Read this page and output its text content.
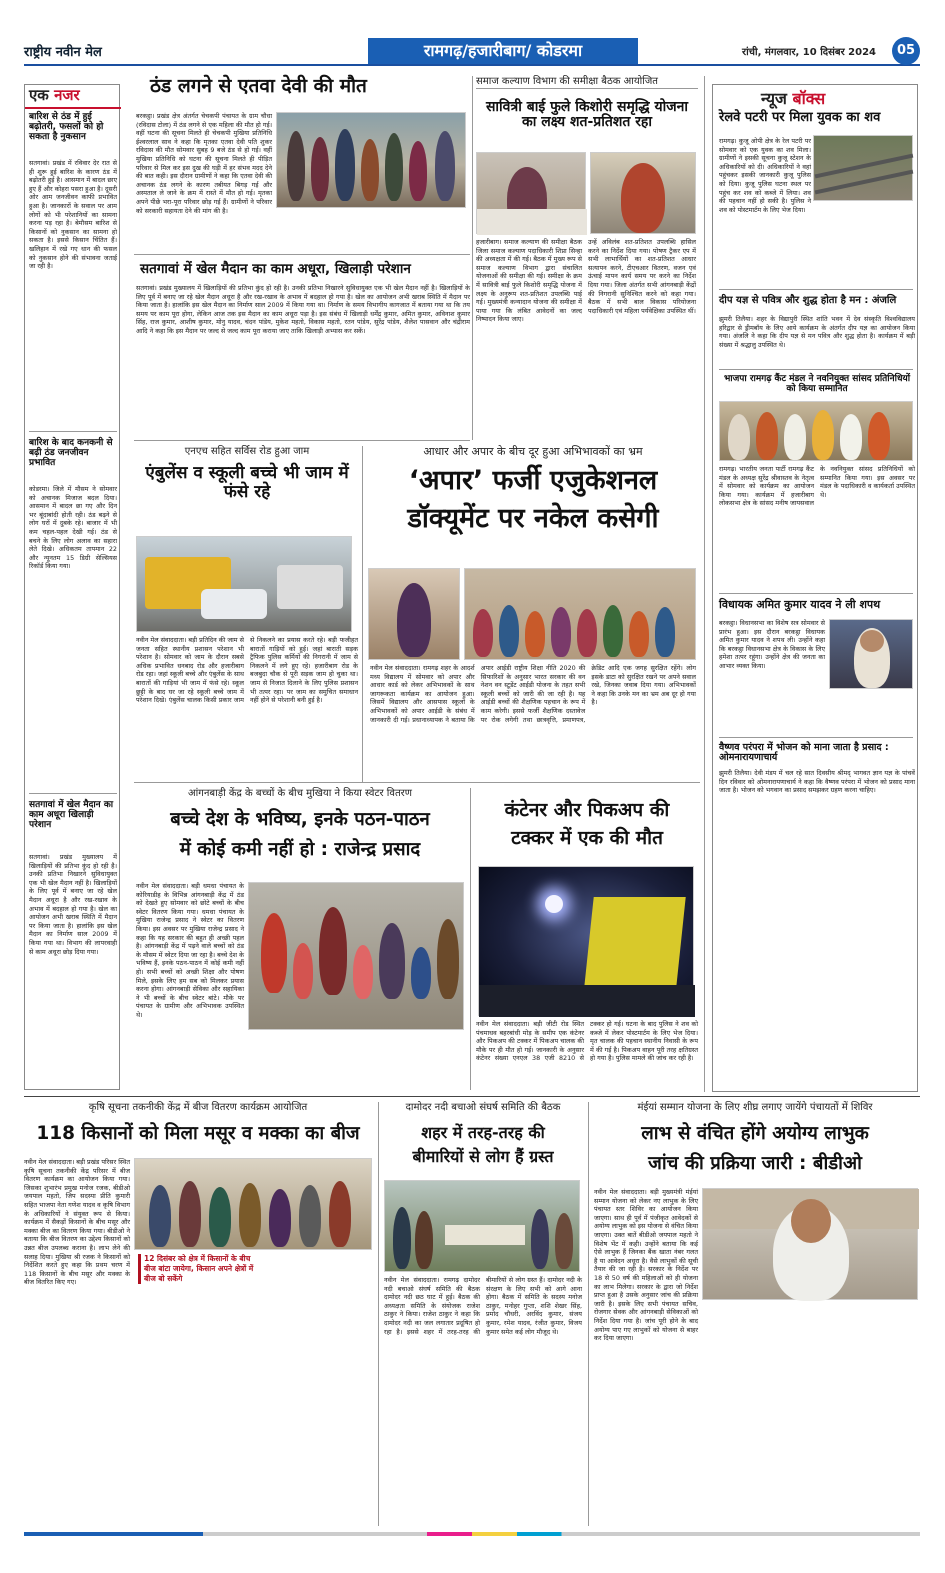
राष्ट्रीय नवीन मेल	रामगढ़/हजारीबाग/ कोडरमा	रांची, मंगलवार, 10 दिसंबर 2024	05
एक नजर
बारिश से ठंड में हुई बढ़ोतरी, फसलों को हो सकता है नुकसान
सतगावां। प्रखंड में रविवार देर रात से ही शुरू हुई बारिश के कारण ठंड में बढ़ोतरी हुई है। आसमान में बादल छाए हुए हैं और कोहरा पसरा हुआ है। दूसरी ओर आम जनजीवन काफी प्रभावित हुआ है। जानकारों के सवाल पर आम लोगों को भी परेशानियों का सामना करना पड़ रहा है। बेमौसम बारिश से किसानों को नुकसान का सामना हो सकता है। इससे किसान चिंतित हैं। खलिहान में रखे गए धान की फसल को नुकसान होने की संभावना जताई जा रही है।
बारिश के बाद कनकनी से बढ़ी ठंड जनजीवन प्रभावित
कोडरमा। जिले में मौसम ने सोमवार को अचानक मिजाज बदल दिया। आसमान में बादल छा गए और दिन भर बूंदाबांदी होती रही। ठंड बढ़ने से लोग घरों में दुबके रहे। बाजार में भी कम चहल-पहल देखी गई। ठंड से बचने के लिए लोग अलाव का सहारा लेते दिखे। अधिकतम तापमान 22 और न्यूनतम 15 डिग्री सेल्सियस रिकॉर्ड किया गया।
सतगावां में खेल मैदान का काम अधूरा खिलाड़ी परेशान
सतगावां। प्रखंड मुख्यालय में खिलाड़ियों की प्रतिभा कुंद हो रही है। उनकी प्रतिभा निखारने सुविधायुक्त एक भी खेल मैदान नहीं है। खिलाड़ियों के लिए पूर्व में बनाए जा रहे खेल मैदान अधूरा है और रख-रखाव के अभाव में बदहाल हो गया है। खेल का आयोजन अभी खराब स्थिति में मैदान पर किया जाता है। हालांकि इस खेल मैदान का निर्माण साल 2009 में किया गया था। विभाग की लापरवाही से काम अधूरा छोड़ दिया गया।
ठंड लगने से एतवा देवी की मौत
बरकट्ठा। प्रखंड क्षेत्र अंतर्गत चेचकपी पंचायत के ग्राम चौधा (रविदास टोला) में ठंड लगने से एक महिला की मौत हो गई। वहीं घटना की सूचना मिलते ही चेचकपी मुखिया प्रतिनिधि ईश्वरलाल साव ने कहा कि मृतका एतवा देवी पति शुकर रविदास की मौत सोमवार सुबह 9 बजे ठंड से हो गई। वहीं मुखिया प्रतिनिधि को घटना की सूचना मिलते ही पीड़ित परिवार से मिल कर इस दुख की घड़ी में हर संभव मदद देने की बात कही। इस दौरान ग्रामीणों ने कहा कि एतवा देवी की अचानक ठंड लगने के कारण तबीयत बिगड़ गई और अस्पताल ले जाने के क्रम में रास्ते में मौत हो गई। मृतका अपने पीछे भरा-पूरा परिवार छोड़ गई हैं। ग्रामीणों ने परिवार को सरकारी सहायता देने की मांग की है।
सतगावां में खेल मैदान का काम अधूरा, खिलाड़ी परेशान
सतगावां। प्रखंड मुख्यालय में खिलाड़ियों की प्रतिभा कुंद हो रही है। उनकी प्रतिभा निखारने सुविधायुक्त एक भी खेल मैदान नहीं है। खिलाड़ियों के लिए पूर्व में बनाए जा रहे खेल मैदान अधूरा है और रख-रखाव के अभाव में बदहाल हो गया है। खेल का आयोजन अभी खराब स्थिति में मैदान पर किया जाता है। हालांकि इस खेल मैदान का निर्माण साल 2009 में किया गया था। निर्माण के समय विभागीय कागजात में बताया गया था कि तय समय पर काम पूरा होगा, लेकिन आज तक इस मैदान का काम अधूरा पड़ा है। इस संबंध में खिलाड़ी धर्मेंद्र कुमार, अमित कुमार, अविनाश कुमार सिंह, राज कुमार, आशीष कुमार, मोनु यादव, चंदन पांडेय, मुकेश महतो, विकास महतो, रतन पांडेय, सुरेंद्र पांडेय, शैलेश पासवान और चंद्रीराम आदि ने कहा कि इस मैदान पर जल्द से जल्द काम पूरा कराया जाए ताकि खिलाड़ी अभ्यास कर सकें।
समाज कल्याण विभाग की समीक्षा बैठक आयोजित
सावित्री बाई फुले किशोरी समृद्धि योजना का लक्ष्य शत-प्रतिशत रहा
हजारीबाग। समाज कल्याण की समीक्षा बैठक जिला समाज कल्याण पदाधिकारी शिप्रा सिन्हा की अध्यक्षता में की गई। बैठक में मुख्य रूप से समाज कल्याण विभाग द्वारा संचालित योजनाओं की समीक्षा की गई। समीक्षा के क्रम में सावित्री बाई फुले किशोरी समृद्धि योजना में लक्ष्य के अनुरूप शत-प्रतिशत उपलब्धि पाई गई। मुख्यमंत्री कन्यादान योजना की समीक्षा में पाया गया कि लंबित आवेदनों का जल्द निष्पादन किया जाए।
उन्हें अविलंब शत-प्रतिशत उपलब्धि हासिल करने का निर्देश दिया गया। पोषण ट्रैकर एप में सभी लाभार्थियों का शत-प्रतिशत आधार सत्यापन करने, टीएचआर वितरण, वजन एवं ऊंचाई मापन कार्य समय पर करने का निर्देश दिया गया। जिला अंतर्गत सभी आंगनबाड़ी केंद्रों की निगरानी सुनिश्चित करने को कहा गया। बैठक में सभी बाल विकास परियोजना पदाधिकारी एवं महिला पर्यवेक्षिका उपस्थित थीं।
एनएच सहित सर्विस रोड हुआ जाम
एंबुलेंस व स्कूली बच्चे भी जाम में फंसे रहे
नवीन मेल संवाददाता। बड़ी प्रतिदिन की जाम से जनता सहित स्थानीय प्रशासन परेशान भी परेशान है। सोमवार को जाम के दौरान सबसे अधिक प्रभावित धनबाद रोड और हजारीबाग रोड रहा। जहां स्कूली बच्चे और एंबुलेंस के साथ बारातों की गाड़ियां भी जाम में फंसे रहे। स्कूल छुट्टी के बाद घर जा रहे स्कूली बच्चे जाम में परेशान दिखे। एंबुलेंस चालक किसी प्रकार जाम से निकलने का प्रयास करते रहे। बड़ी फजीहत बारातों गाड़ियों को हुई। जहां बाराती सड़क ट्रैफिक पुलिस कर्मियों की निगरानी में जाम से निकलने में लगे हुए रहे। हजारीबाग रोड के बजबुदा चौक से पूरी सड़क जाम हो चुका था। जाम से निजात दिलाने के लिए पुलिस प्रशासन भी तत्पर रहा। पर जाम का समुचित समाधान नहीं होने से परेशानी बनी हुई है।
आधार और अपार के बीच दूर हुआ अभिभावकों का भ्रम
‘अपार’ फर्जी एजुकेशनल
डॉक्यूमेंट पर नकेल कसेगी
नवीन मेल संवाददाता। रामगढ़ शहर के आदर्श मध्य विद्यालय में सोमवार को अपार और आधार कार्ड को लेकर अभिभावकों के साथ जागरूकता कार्यक्रम का आयोजन हुआ। जिसमें विद्यालय और आसपास स्कूलों के अभिभावकों को अपार आईडी के संबंध में जानकारी दी गई। प्रधानाध्यापक ने बताया कि अपार आईडी राष्ट्रीय शिक्षा नीति 2020 की सिफारिशों के अनुसार भारत सरकार की वन नेशन वन स्टूडेंट आईडी योजना के तहत सभी स्कूली बच्चों को जारी की जा रही है। यह आईडी बच्चों की शैक्षणिक पहचान के रूप में काम करेगी। इससे फर्जी शैक्षणिक दस्तावेज पर रोक लगेगी तथा छात्रवृत्ति, प्रमाणपत्र, क्रेडिट आदि एक जगह सुरक्षित रहेंगे। लोग इसके डाटा को सुरक्षित रखने पर अपने सवाल रखे, जिनका जवाब दिया गया। अभिभावकों ने कहा कि उनके मन का भ्रम अब दूर हो गया है।
आंगनबाड़ी केंद्र के बच्चों के बीच मुखिया ने किया स्वेटर वितरण
बच्चे देश के भविष्य, इनके पठन-पाठन
में कोई कमी नहीं हो : राजेन्द्र प्रसाद
नवीन मेल संवाददाता। बड़ी धमधा पंचायत के कोरियाडीह के विभिन्न आंगनबाड़ी केंद्र में ठंड को देखते हुए सोमवार को छोटे बच्चों के बीच स्वेटर वितरण किया गया। धमधा पंचायत के मुखिया राजेन्द्र प्रसाद ने स्वेटर का वितरण किया। इस अवसर पर मुखिया राजेन्द्र प्रसाद ने कहा कि यह सरकार की बहुत ही अच्छी पहल है। आंगनबाड़ी केंद्र में पढ़ने वाले बच्चों को ठंड के मौसम में स्वेटर दिया जा रहा है। बच्चे देश के भविष्य हैं, इनके पठन-पाठन में कोई कमी नहीं हो। सभी बच्चों को अच्छी शिक्षा और पोषण मिले, इसके लिए हम सब को मिलकर प्रयास करना होगा। आंगनबाड़ी सेविका और सहायिका ने भी बच्चों के बीच स्वेटर बांटे। मौके पर पंचायत के ग्रामीण और अभिभावक उपस्थित थे।
कंटेनर और पिकअप की
टक्कर में एक की मौत
नवीन मेल संवाददाता। बड़ी जीटी रोड स्थित पंचमाधव बहरबांधी मोड़ के समीप एक कंटेनर और पिकअप की टक्कर में पिकअप चालक की मौके पर ही मौत हो गई। जानकारी के अनुसार कंटेनर संख्या एनएल 38 एजी 8210 से टक्कर हो गई। घटना के बाद पुलिस ने शव को कब्जे में लेकर पोस्टमार्टम के लिए भेज दिया। मृत चालक की पहचान स्थानीय निवासी के रूप में की गई है। पिकअप वाहन पूरी तरह क्षतिग्रस्त हो गया है। पुलिस मामले की जांच कर रही है।
न्यूज बॉक्स
रेलवे पटरी पर मिला युवक का शव
रामगढ़। कुजू ओपी क्षेत्र के रेल पटरी पर सोमवार को एक युवक का शव मिला। ग्रामीणों ने इसकी सूचना कुजू स्टेशन के अधिकारियों को दी। अधिकारियों ने वहां पहुंचकर इसकी जानकारी कुजू पुलिस को दिया। कुजू पुलिस घटना स्थल पर पहुंच कर शव को कब्जे में लिया। शव की पहचान नहीं हो सकी है। पुलिस ने शव को पोस्टमार्टम के लिए भेज दिया।
दीप यज्ञ से पवित्र और शुद्ध होता है मन : अंजलि
झुमरी तिलैया। शहर के विद्यापुरी स्थित शांति भवन में देव संस्कृति विश्वविद्यालय हरिद्वार से ड्रीमबॉय के लिए आये कार्यक्रम के अंतर्गत दीप यज्ञ का आयोजन किया गया। अंजलि ने कहा कि दीप यज्ञ से मन पवित्र और शुद्ध होता है। कार्यक्रम में बड़ी संख्या में श्रद्धालु उपस्थित थे।
भाजपा रामगढ़ कैंट मंडल ने नवनियुक्त सांसद प्रतिनिधियों को किया सम्मानित
रामगढ़। भारतीय जनता पार्टी रामगढ़ कैंट मंडल के अध्यक्ष सुरेंद्र श्रीवास्तव के नेतृत्व में सोमवार को कार्यक्रम का आयोजन किया गया। कार्यक्रम में हजारीबाग लोकसभा क्षेत्र के सांसद मनीष जायसवाल के नवनियुक्त सांसद प्रतिनिधियों को सम्मानित किया गया। इस अवसर पर मंडल के पदाधिकारी व कार्यकर्ता उपस्थित थे।
विधायक अमित कुमार यादव ने ली शपथ
बरकट्ठा। विधानसभा का विशेष सत्र सोमवार से प्रारंभ हुआ। इस दौरान बरकट्ठा विधायक अमित कुमार यादव ने शपथ ली। उन्होंने कहा कि बरकट्ठा विधानसभा क्षेत्र के विकास के लिए हमेशा तत्पर रहूंगा। उन्होंने क्षेत्र की जनता का आभार व्यक्त किया।
वैष्णव परंपरा में भोजन को माना जाता है प्रसाद : ओमनारायणाचार्य
झुमरी तिलैया। देवी मंडप में चल रहे सात दिवसीय श्रीमद् भागवत ज्ञान यज्ञ के पांचवें दिन रविवार को ओमनारायणाचार्य ने कहा कि वैष्णव परंपरा में भोजन को प्रसाद माना जाता है। भोजन को भगवान का प्रसाद समझकर ग्रहण करना चाहिए।
कृषि सूचना तकनीकी केंद्र में बीज वितरण कार्यक्रम आयोजित
118 किसानों को मिला मसूर व मक्का का बीज
12 दिसंबर को क्षेत्र में किसानों के बीच बीज बांटा जायेगा, किसान अपने क्षेत्रों में बीज बो सकेंगे
नवीन मेल संवाददाता। बड़ी प्रखंड परिसर स्थित कृषि सूचना तकनीकी केंद्र परिसर में बीज वितरण कार्यक्रम का आयोजन किया गया। जिसका शुभारंभ प्रमुख मनोज रजक, बीडीओ जयपाल महतो, जिप सदस्या प्रीति कुमारी सहित भाजपा नेता गणेश यादव व कृषि विभाग के अधिकारियों ने संयुक्त रूप से किया। कार्यक्रम में सैकड़ों किसानों के बीच मसूर और मक्का बीज का वितरण किया गया। बीडीओ ने बताया कि बीज वितरण का उद्देश्य किसानों को उन्नत बीज उपलब्ध कराना है। लाभ लेने की सलाह दिया। मुखिया श्री रजक ने किसानों को निर्देशित करते हुए कहा कि प्रथम चरण में 118 किसानों के बीच मसूर और मक्का के बीज वितरित किए गए।
दामोदर नदी बचाओ संघर्ष समिति की बैठक
शहर में तरह-तरह की
बीमारियों से लोग हैं ग्रस्त
नवीन मेल संवाददाता। रामगढ़ दामोदर नदी बचाओ संघर्ष समिति की बैठक दामोदर नदी छठ घाट में हुई। बैठक की अध्यक्षता समिति के संयोजक राजेश ठाकुर ने किया। राजेश ठाकुर ने कहा कि दामोदर नदी का जल लगातार प्रदूषित हो रहा है। इससे शहर में तरह-तरह की बीमारियों से लोग ग्रस्त हैं। दामोदर नदी के संरक्षण के लिए सभी को आगे आना होगा। बैठक में समिति के सदस्य मनोज ठाकुर, मनोहर गुप्ता, शशि शेखर सिंह, प्रमोद चौधरी, अरविंद कुमार, संजय कुमार, रमेश यादव, रंजीत कुमार, विजय कुमार समेत कई लोग मौजूद थे।
मंईयां सम्मान योजना के लिए शीघ्र लगाए जायेंगे पंचायतों में शिविर
लाभ से वंचित होंगे अयोग्य लाभुक
जांच की प्रक्रिया जारी : बीडीओ
नवीन मेल संवाददाता। बड़ी मुख्यमंत्री मंईयां सम्मान योजना को लेकर नए लाभुक के लिए पंचायत स्तर शिविर का आयोजन किया जाएगा। साथ ही पूर्व में पंजीकृत आवेदकों से अयोग्य लाभुक को इस योजना से वंचित किया जाएगा। उक्त बातें बीडीओ जयपाल महतो ने विशेष भेंट में कही। उन्होंने बताया कि कई ऐसे लाभुक हैं जिनका बैंक खाता नंबर गलत है या आवेदन अधूरा है। वैसे लाभुकों की सूची तैयार की जा रही है। सरकार के निर्देश पर 18 से 50 वर्ष की महिलाओं को ही योजना का लाभ मिलेगा। सरकार के द्वारा जो निर्देश प्राप्त हुआ है उसके अनुसार जांच की प्रक्रिया जारी है। इसके लिए सभी पंचायत सचिव, रोजगार सेवक और आंगनबाड़ी सेविकाओं को निर्देश दिया गया है। जांच पूरी होने के बाद अयोग्य पाए गए लाभुकों को योजना से बाहर कर दिया जाएगा।
